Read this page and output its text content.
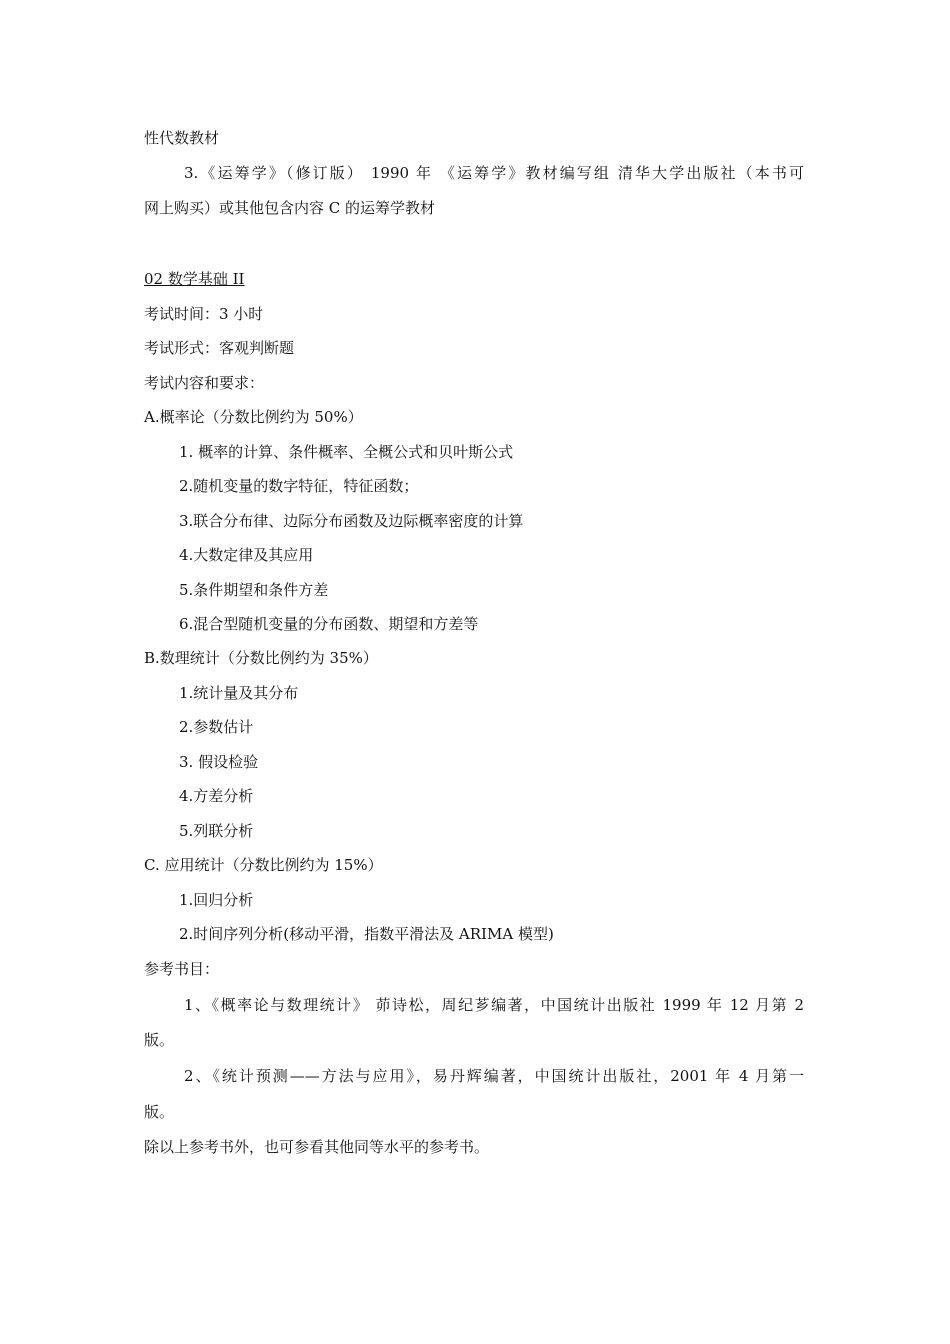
性代数教材
3.《运筹学》（修订版） 1990 年 《运筹学》教材编写组 清华大学出版社（本书可
网上购买）或其他包含内容 C 的运筹学教材
02 数学基础 II
考试时间：3 小时
考试形式：客观判断题
考试内容和要求：
A.概率论（分数比例约为 50%）
1. 概率的计算、条件概率、全概公式和贝叶斯公式
2.随机变量的数字特征，特征函数；
3.联合分布律、边际分布函数及边际概率密度的计算
4.大数定律及其应用
5.条件期望和条件方差
6.混合型随机变量的分布函数、期望和方差等
B.数理统计（分数比例约为 35%）
1.统计量及其分布
2.参数估计
3. 假设检验
4.方差分析
5.列联分析
C. 应用统计（分数比例约为 15%）
1.回归分析
2.时间序列分析(移动平滑，指数平滑法及 ARIMA 模型)
参考书目：
1、《概率论与数理统计》 茆诗松，周纪芗编著，中国统计出版社 1999 年 12 月第 2
版。
2、《统计预测——方法与应用》，易丹辉编著，中国统计出版社，2001 年 4 月第一
版。
除以上参考书外，也可参看其他同等水平的参考书。
